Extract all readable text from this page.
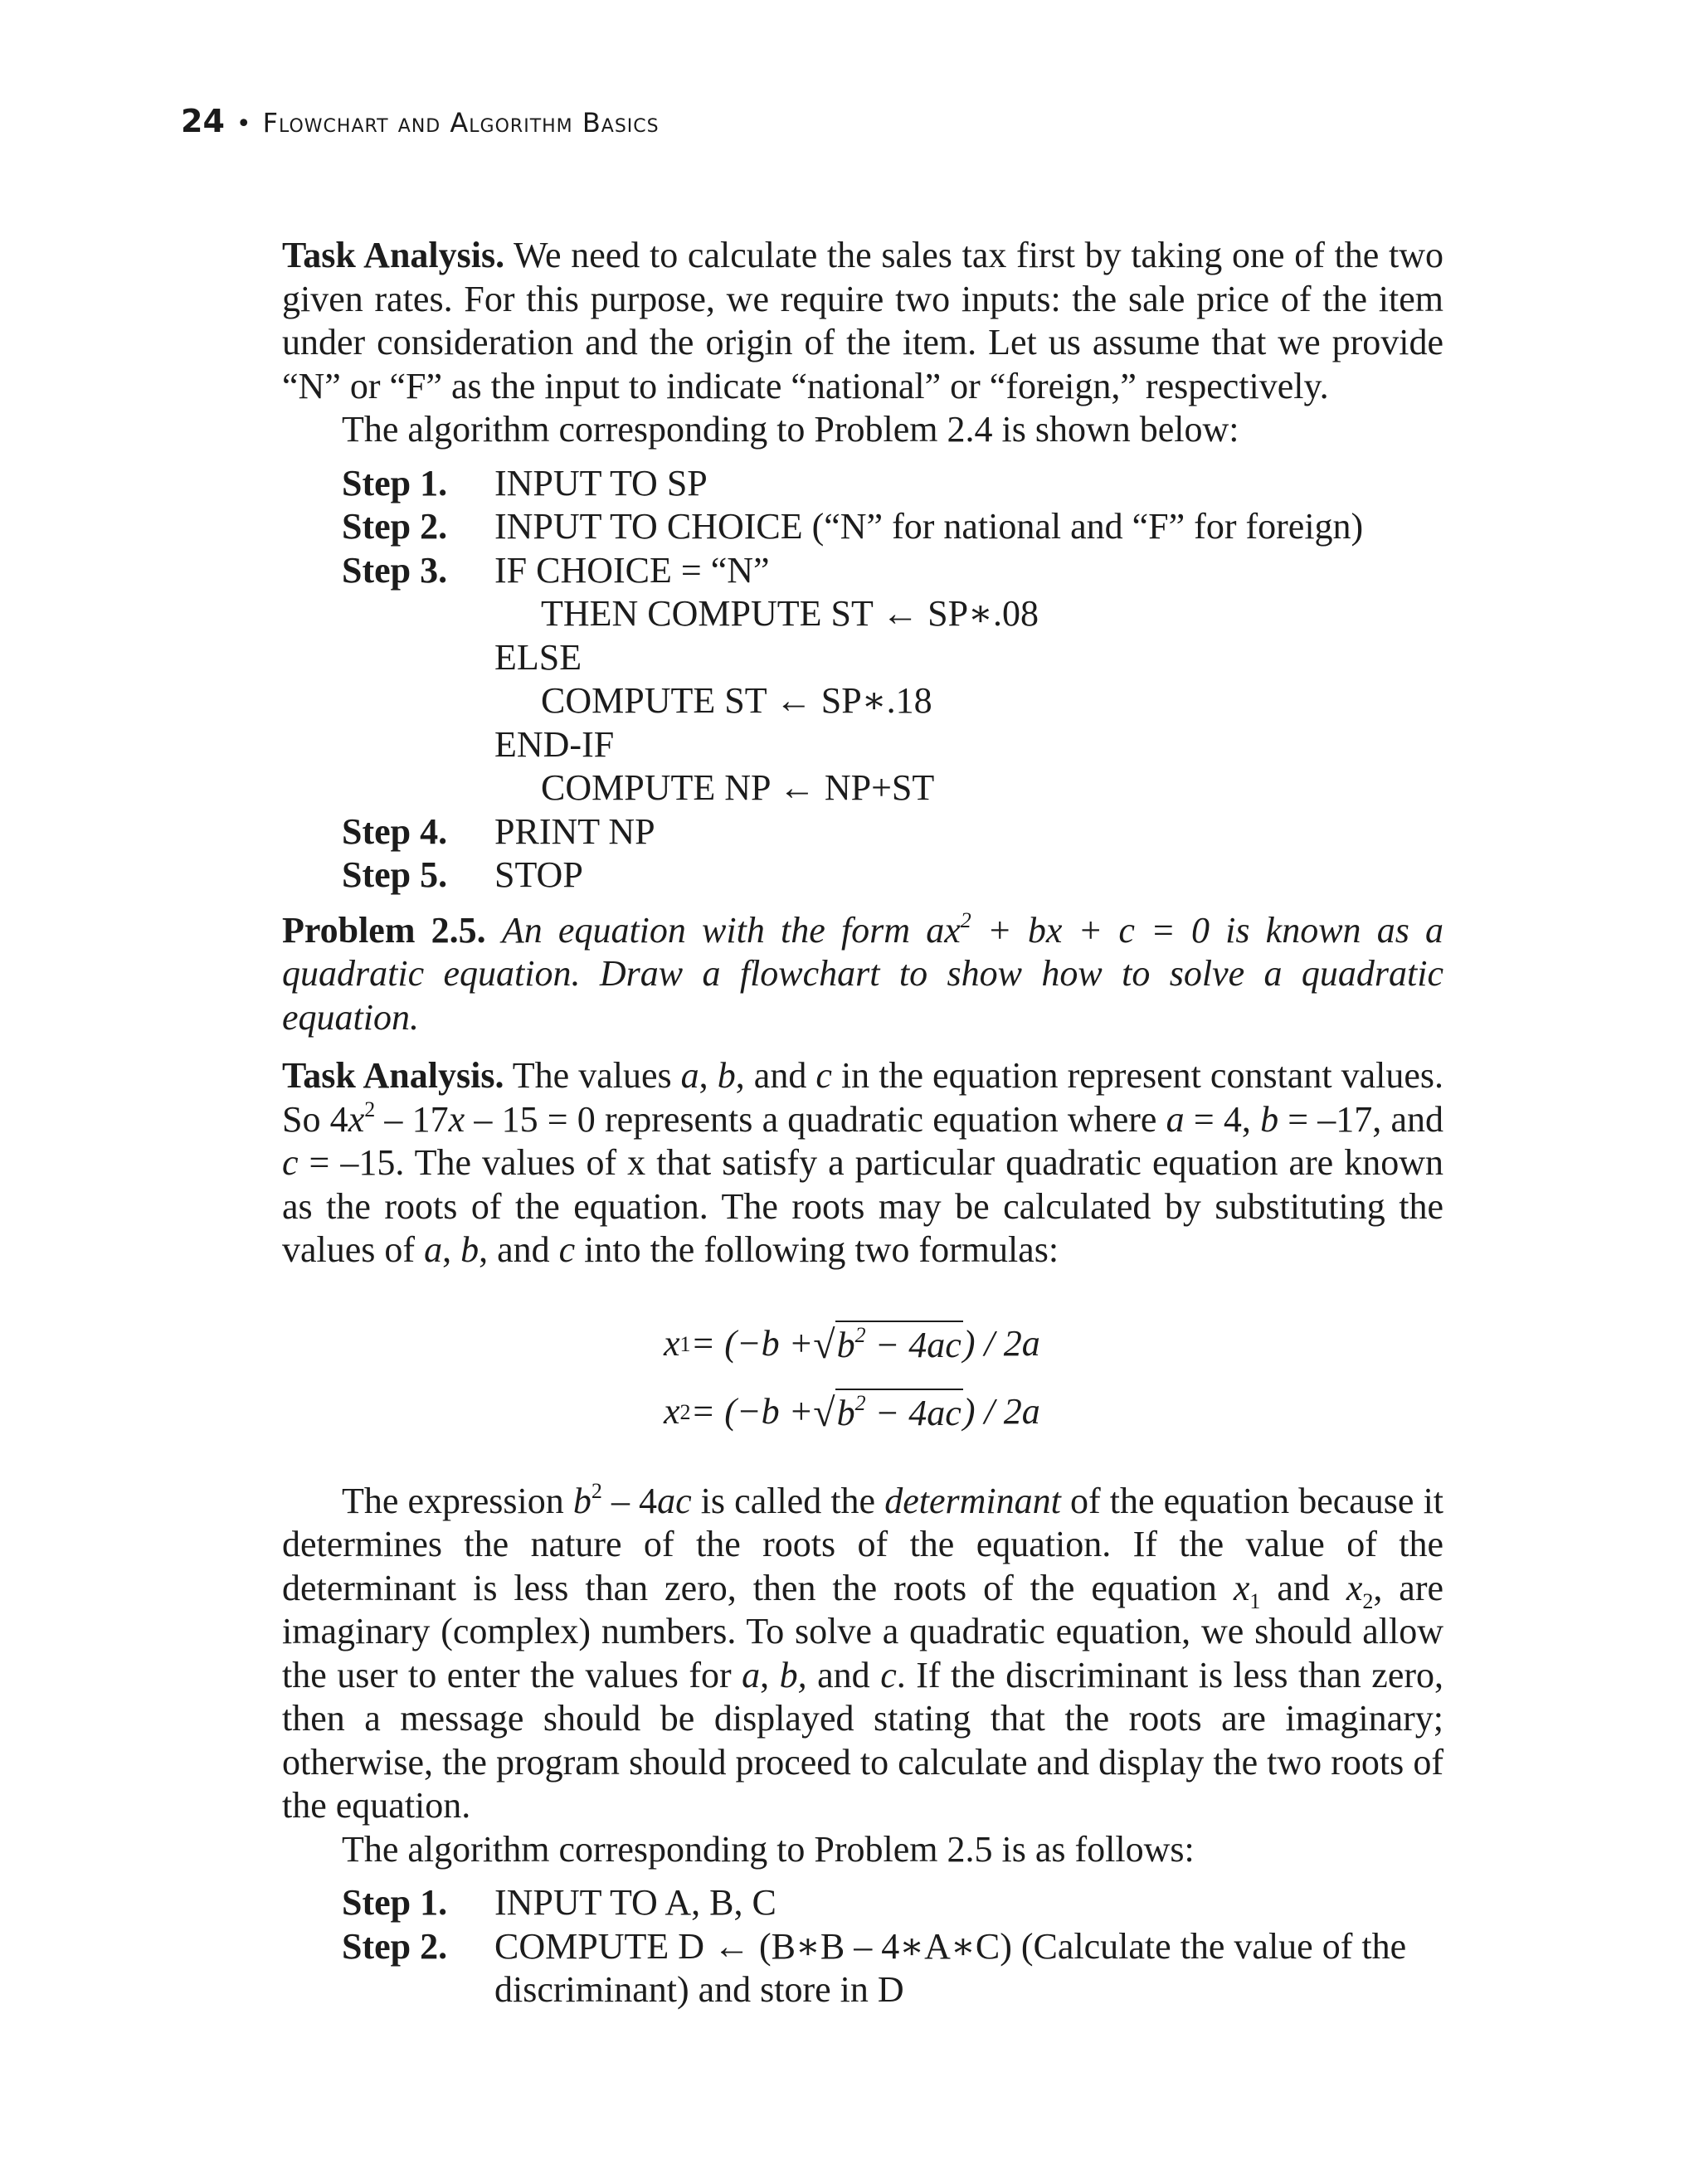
24 • Flowchart and Algorithm Basics

Task Analysis. We need to calculate the sales tax first by taking one of the two given rates. For this purpose, we require two inputs: the sale price of the item under consideration and the origin of the item. Let us assume that we provide “N” or “F” as the input to indicate “national” or “foreign,” respectively.

The algorithm corresponding to Problem 2.4 is shown below:

Step 1.	INPUT TO SP
Step 2.	INPUT TO CHOICE (“N” for national and “F” for foreign)
Step 3.	IF CHOICE = “N”
THEN COMPUTE ST ← SP∗.08
ELSE
COMPUTE ST ← SP∗.18
END-IF
COMPUTE NP ← NP+ST
Step 4.	PRINT NP
Step 5.	STOP

Problem 2.5. An equation with the form $ax^2$ + bx + c = 0 is known as a quadratic equation. Draw a flowchart to show how to solve a quadratic equation.

Task Analysis. The values a, b, and c in the equation represent constant values. So $4x^2 - 17x - 15 = 0$ represents a quadratic equation where a = 4, b = –17, and c = –15. The values of x that satisfy a particular quadratic equation are known as the roots of the equation. The roots may be calculated by substituting the values of a, b, and c into the following two formulas:

x 1 = (−b + √ $b^2 - 4ac$ ) / 2a
x 2 = (−b + √ $b^2 - 4ac$ ) / 2a

The expression $b^2 - 4ac$ is called the determinant of the equation because it determines the nature of the roots of the equation. If the value of the determinant is less than zero, then the roots of the equation $x_1$ and $x_2$, are imaginary (complex) numbers. To solve a quadratic equation, we should allow the user to enter the values for a, b, and c. If the discriminant is less than zero, then a message should be displayed stating that the roots are imaginary; otherwise, the program should proceed to calculate and display the two roots of the equation.

The algorithm corresponding to Problem 2.5 is as follows:

Step 1.	INPUT TO A, B, C
Step 2.	COMPUTE D ← (B∗B – 4∗A∗C) (Calculate the value of the discriminant) and store in D
